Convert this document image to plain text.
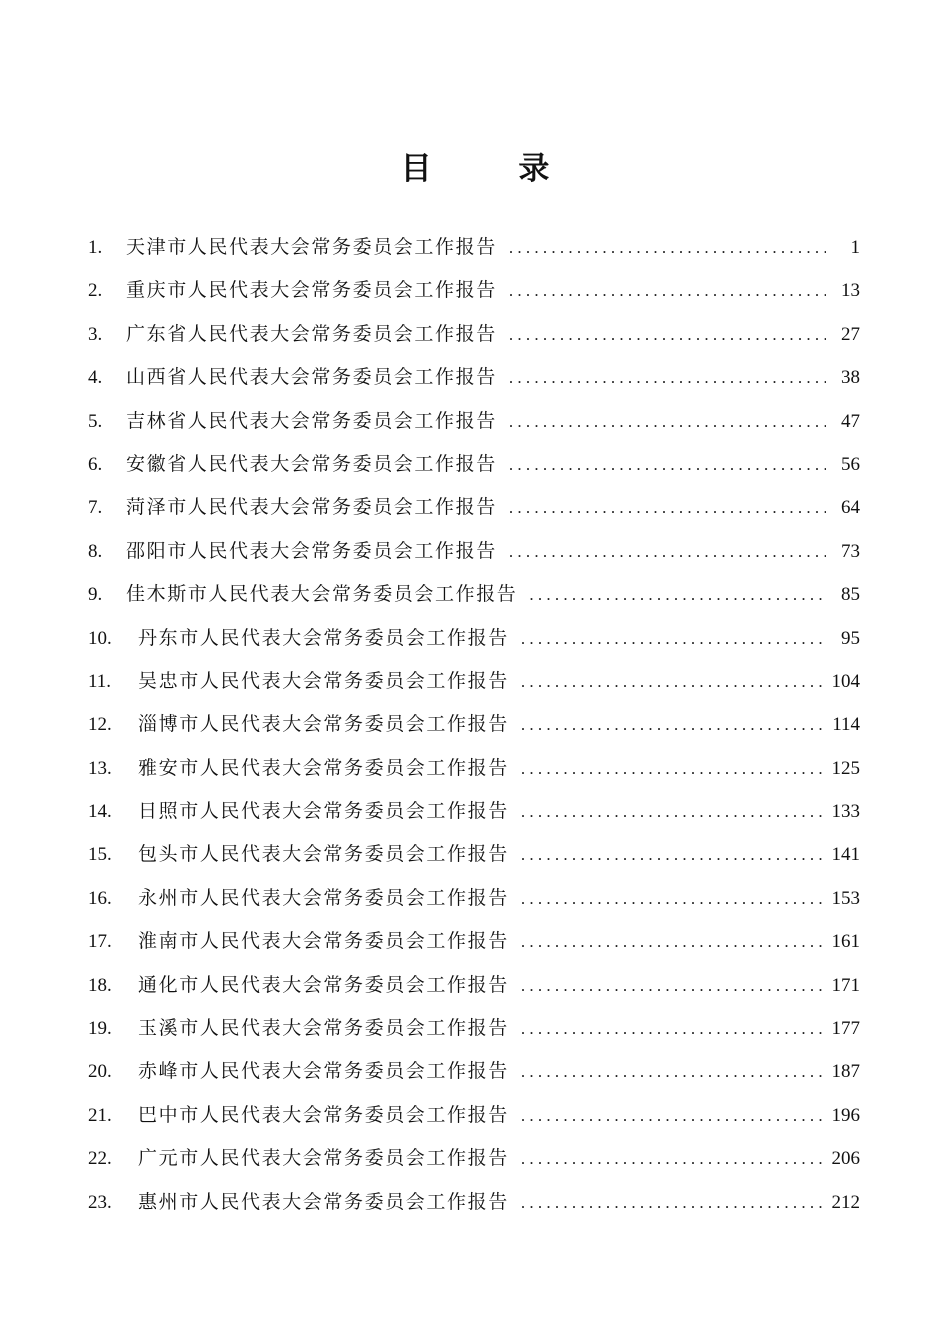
目 录
1.	天津市人民代表大会常务委员会工作报告 . . .	1
2.	重庆市人民代表大会常务委员会工作报告 . . .	13
3.	广东省人民代表大会常务委员会工作报告 . . .	27
4.	山西省人民代表大会常务委员会工作报告 . . .	38
5.	吉林省人民代表大会常务委员会工作报告 . . .	47
6.	安徽省人民代表大会常务委员会工作报告 . . .	56
7.	菏泽市人民代表大会常务委员会工作报告 . . .	64
8.	邵阳市人民代表大会常务委员会工作报告 . . .	73
9.	佳木斯市人民代表大会常务委员会工作报告 . . .	85
10.	丹东市人民代表大会常务委员会工作报告 . . .	95
11.	吴忠市人民代表大会常务委员会工作报告 . . .	104
12.	淄博市人民代表大会常务委员会工作报告 . . .	114
13.	雅安市人民代表大会常务委员会工作报告 . . .	125
14.	日照市人民代表大会常务委员会工作报告 . . .	133
15.	包头市人民代表大会常务委员会工作报告 . . .	141
16.	永州市人民代表大会常务委员会工作报告 . . .	153
17.	淮南市人民代表大会常务委员会工作报告 . . .	161
18.	通化市人民代表大会常务委员会工作报告 . . .	171
19.	玉溪市人民代表大会常务委员会工作报告 . . .	177
20.	赤峰市人民代表大会常务委员会工作报告 . . .	187
21.	巴中市人民代表大会常务委员会工作报告 . . .	196
22.	广元市人民代表大会常务委员会工作报告 . . .	206
23.	惠州市人民代表大会常务委员会工作报告 . . .	212
